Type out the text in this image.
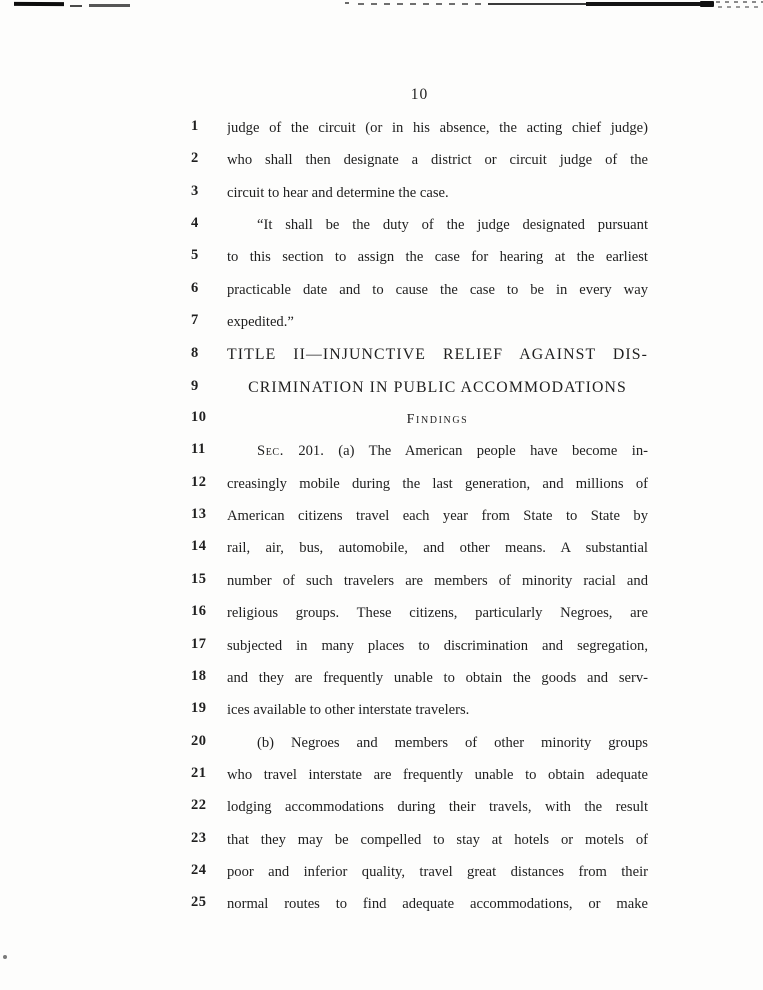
10
1	judge of the circuit (or in his absence, the acting chief judge)
2	who shall then designate a district or circuit judge of the
3	circuit to hear and determine the case.
4	“It shall be the duty of the judge designated pursuant
5	to this section to assign the case for hearing at the earliest
6	practicable date and to cause the case to be in every way
7	expedited.”
8	TITLE II—INJUNCTIVE RELIEF AGAINST DIS-
9	CRIMINATION IN PUBLIC ACCOMMODATIONS
10	Findings
11	Sec. 201. (a) The American people have become in-
12	creasingly mobile during the last generation, and millions of
13	American citizens travel each year from State to State by
14	rail, air, bus, automobile, and other means. A substantial
15	number of such travelers are members of minority racial and
16	religious groups. These citizens, particularly Negroes, are
17	subjected in many places to discrimination and segregation,
18	and they are frequently unable to obtain the goods and serv-
19	ices available to other interstate travelers.
20	(b) Negroes and members of other minority groups
21	who travel interstate are frequently unable to obtain adequate
22	lodging accommodations during their travels, with the result
23	that they may be compelled to stay at hotels or motels of
24	poor and inferior quality, travel great distances from their
25	normal routes to find adequate accommodations, or make
